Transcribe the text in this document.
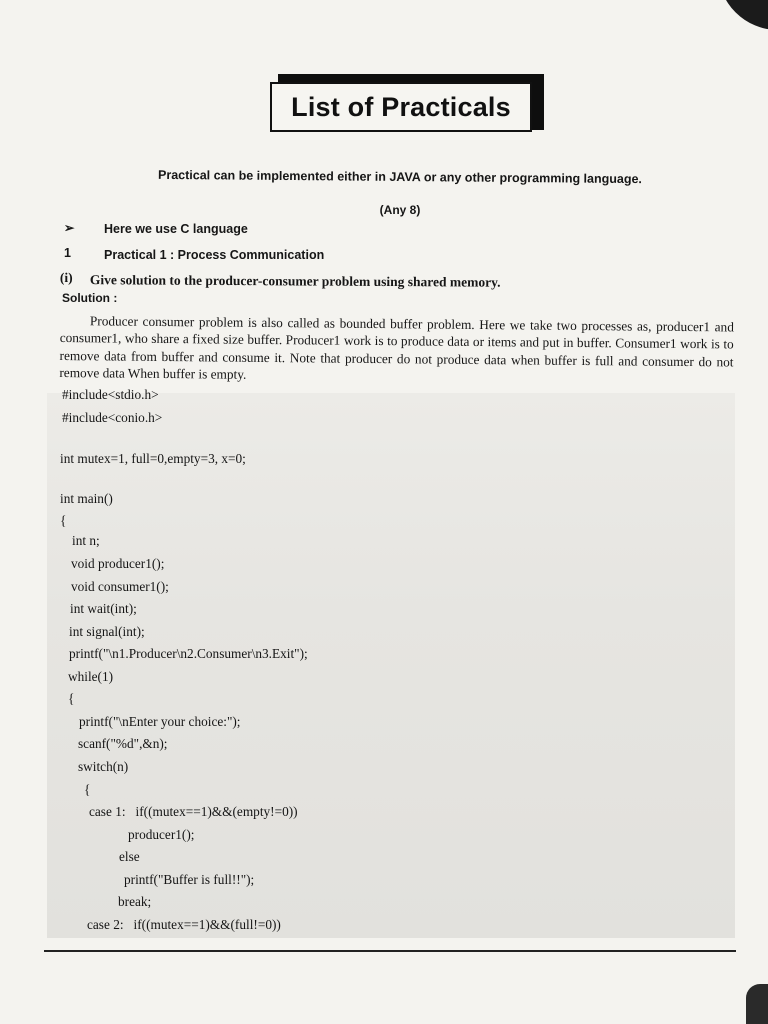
List of Practicals
Practical can be implemented either in JAVA or any other programming language.
(Any 8)
➢ Here we use C language
1	Practical 1 : Process Communication
(i) Give solution to the producer-consumer problem using shared memory.
Solution :

Producer consumer problem is also called as bounded buffer problem. Here we take two processes as, producer1 and consumer1, who share a fixed size buffer. Producer1 work is to produce data or items and put in buffer. Consumer1 work is to remove data from buffer and consume it. Note that producer do not produce data when buffer is full and consumer do not remove data When buffer is empty.

#include<stdio.h>
#include<conio.h>
int mutex=1, full=0,empty=3, x=0;
int main()
{
int n;
void producer1();
void consumer1();
int wait(int);
int signal(int);
printf("\n1.Producer\n2.Consumer\n3.Exit");
while(1)
{
printf("\nEnter your choice:");
scanf("%d",&n);
switch(n)
{
case 1:   if((mutex==1)&&(empty!=0))
producer1();
else
printf("Buffer is full!!");
break;
case 2:   if((mutex==1)&&(full!=0))
